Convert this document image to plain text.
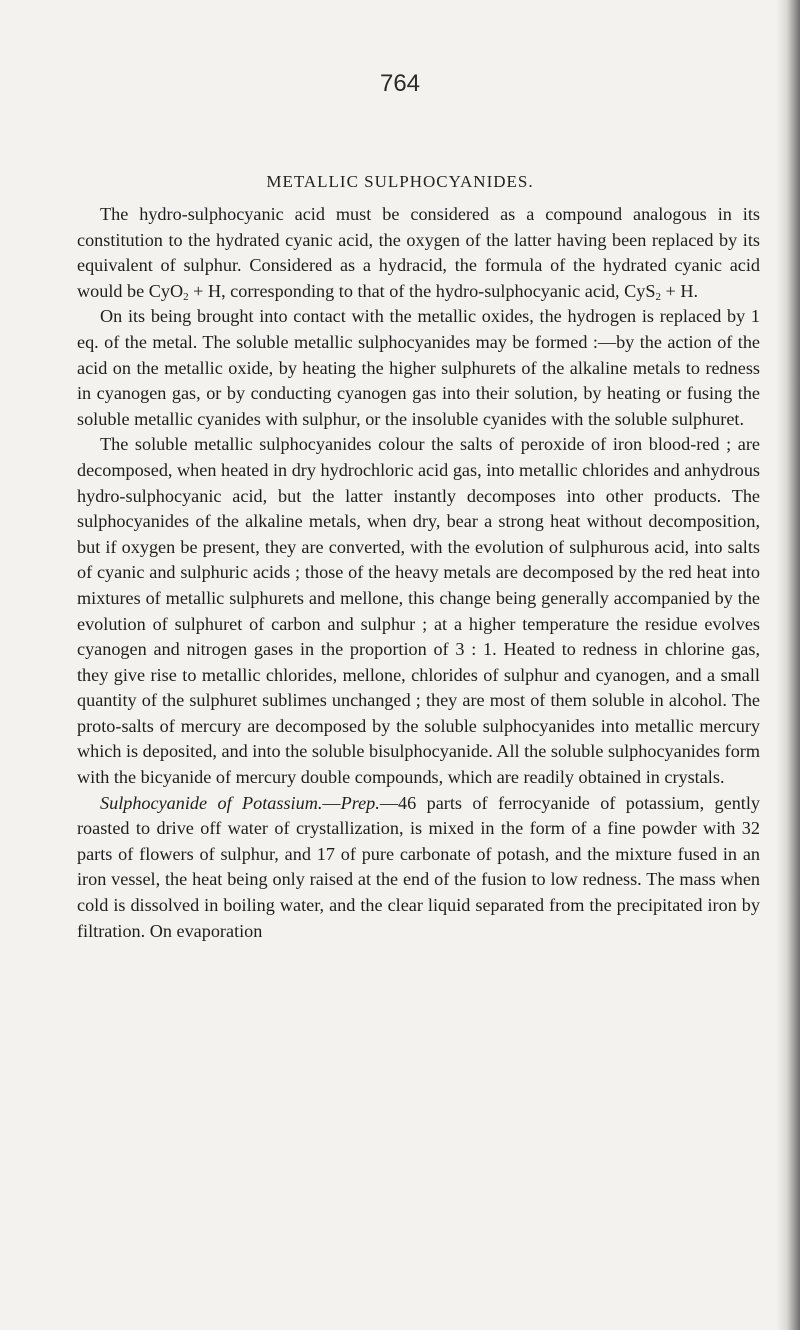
764
METALLIC SULPHOCYANIDES.

The hydro-sulphocyanic acid must be considered as a compound analogous in its constitution to the hydrated cyanic acid, the oxygen of the latter having been replaced by its equivalent of sulphur. Considered as a hydracid, the formula of the hydrated cyanic acid would be CyO$_2$ + H, corresponding to that of the hydro-sulphocyanic acid, CyS$_2$ + H.

On its being brought into contact with the metallic oxides, the hydrogen is replaced by 1 eq. of the metal. The soluble metallic sulphocyanides may be formed :—by the action of the acid on the metallic oxide, by heating the higher sulphurets of the alkaline metals to redness in cyanogen gas, or by conducting cyanogen gas into their solution, by heating or fusing the soluble metallic cyanides with sulphur, or the insoluble cyanides with the soluble sulphuret.

The soluble metallic sulphocyanides colour the salts of peroxide of iron blood-red ; are decomposed, when heated in dry hydrochloric acid gas, into metallic chlorides and anhydrous hydro-sulphocyanic acid, but the latter instantly decomposes into other products. The sulphocyanides of the alkaline metals, when dry, bear a strong heat without decomposition, but if oxygen be present, they are converted, with the evolution of sulphurous acid, into salts of cyanic and sulphuric acids ; those of the heavy metals are decomposed by the red heat into mixtures of metallic sulphurets and mellone, this change being generally accompanied by the evolution of sulphuret of carbon and sulphur ; at a higher temperature the residue evolves cyanogen and nitrogen gases in the proportion of 3 : 1. Heated to redness in chlorine gas, they give rise to metallic chlorides, mellone, chlorides of sulphur and cyanogen, and a small quantity of the sulphuret sublimes unchanged ; they are most of them soluble in alcohol. The proto-salts of mercury are decomposed by the soluble sulphocyanides into metallic mercury which is deposited, and into the soluble bisulphocyanide. All the soluble sulphocyanides form with the bicyanide of mercury double compounds, which are readily obtained in crystals.

Sulphocyanide of Potassium.—Prep.—46 parts of ferrocyanide of potassium, gently roasted to drive off water of crystallization, is mixed in the form of a fine powder with 32 parts of flowers of sulphur, and 17 of pure carbonate of potash, and the mixture fused in an iron vessel, the heat being only raised at the end of the fusion to low redness. The mass when cold is dissolved in boiling water, and the clear liquid separated from the precipitated iron by filtration. On evaporation
